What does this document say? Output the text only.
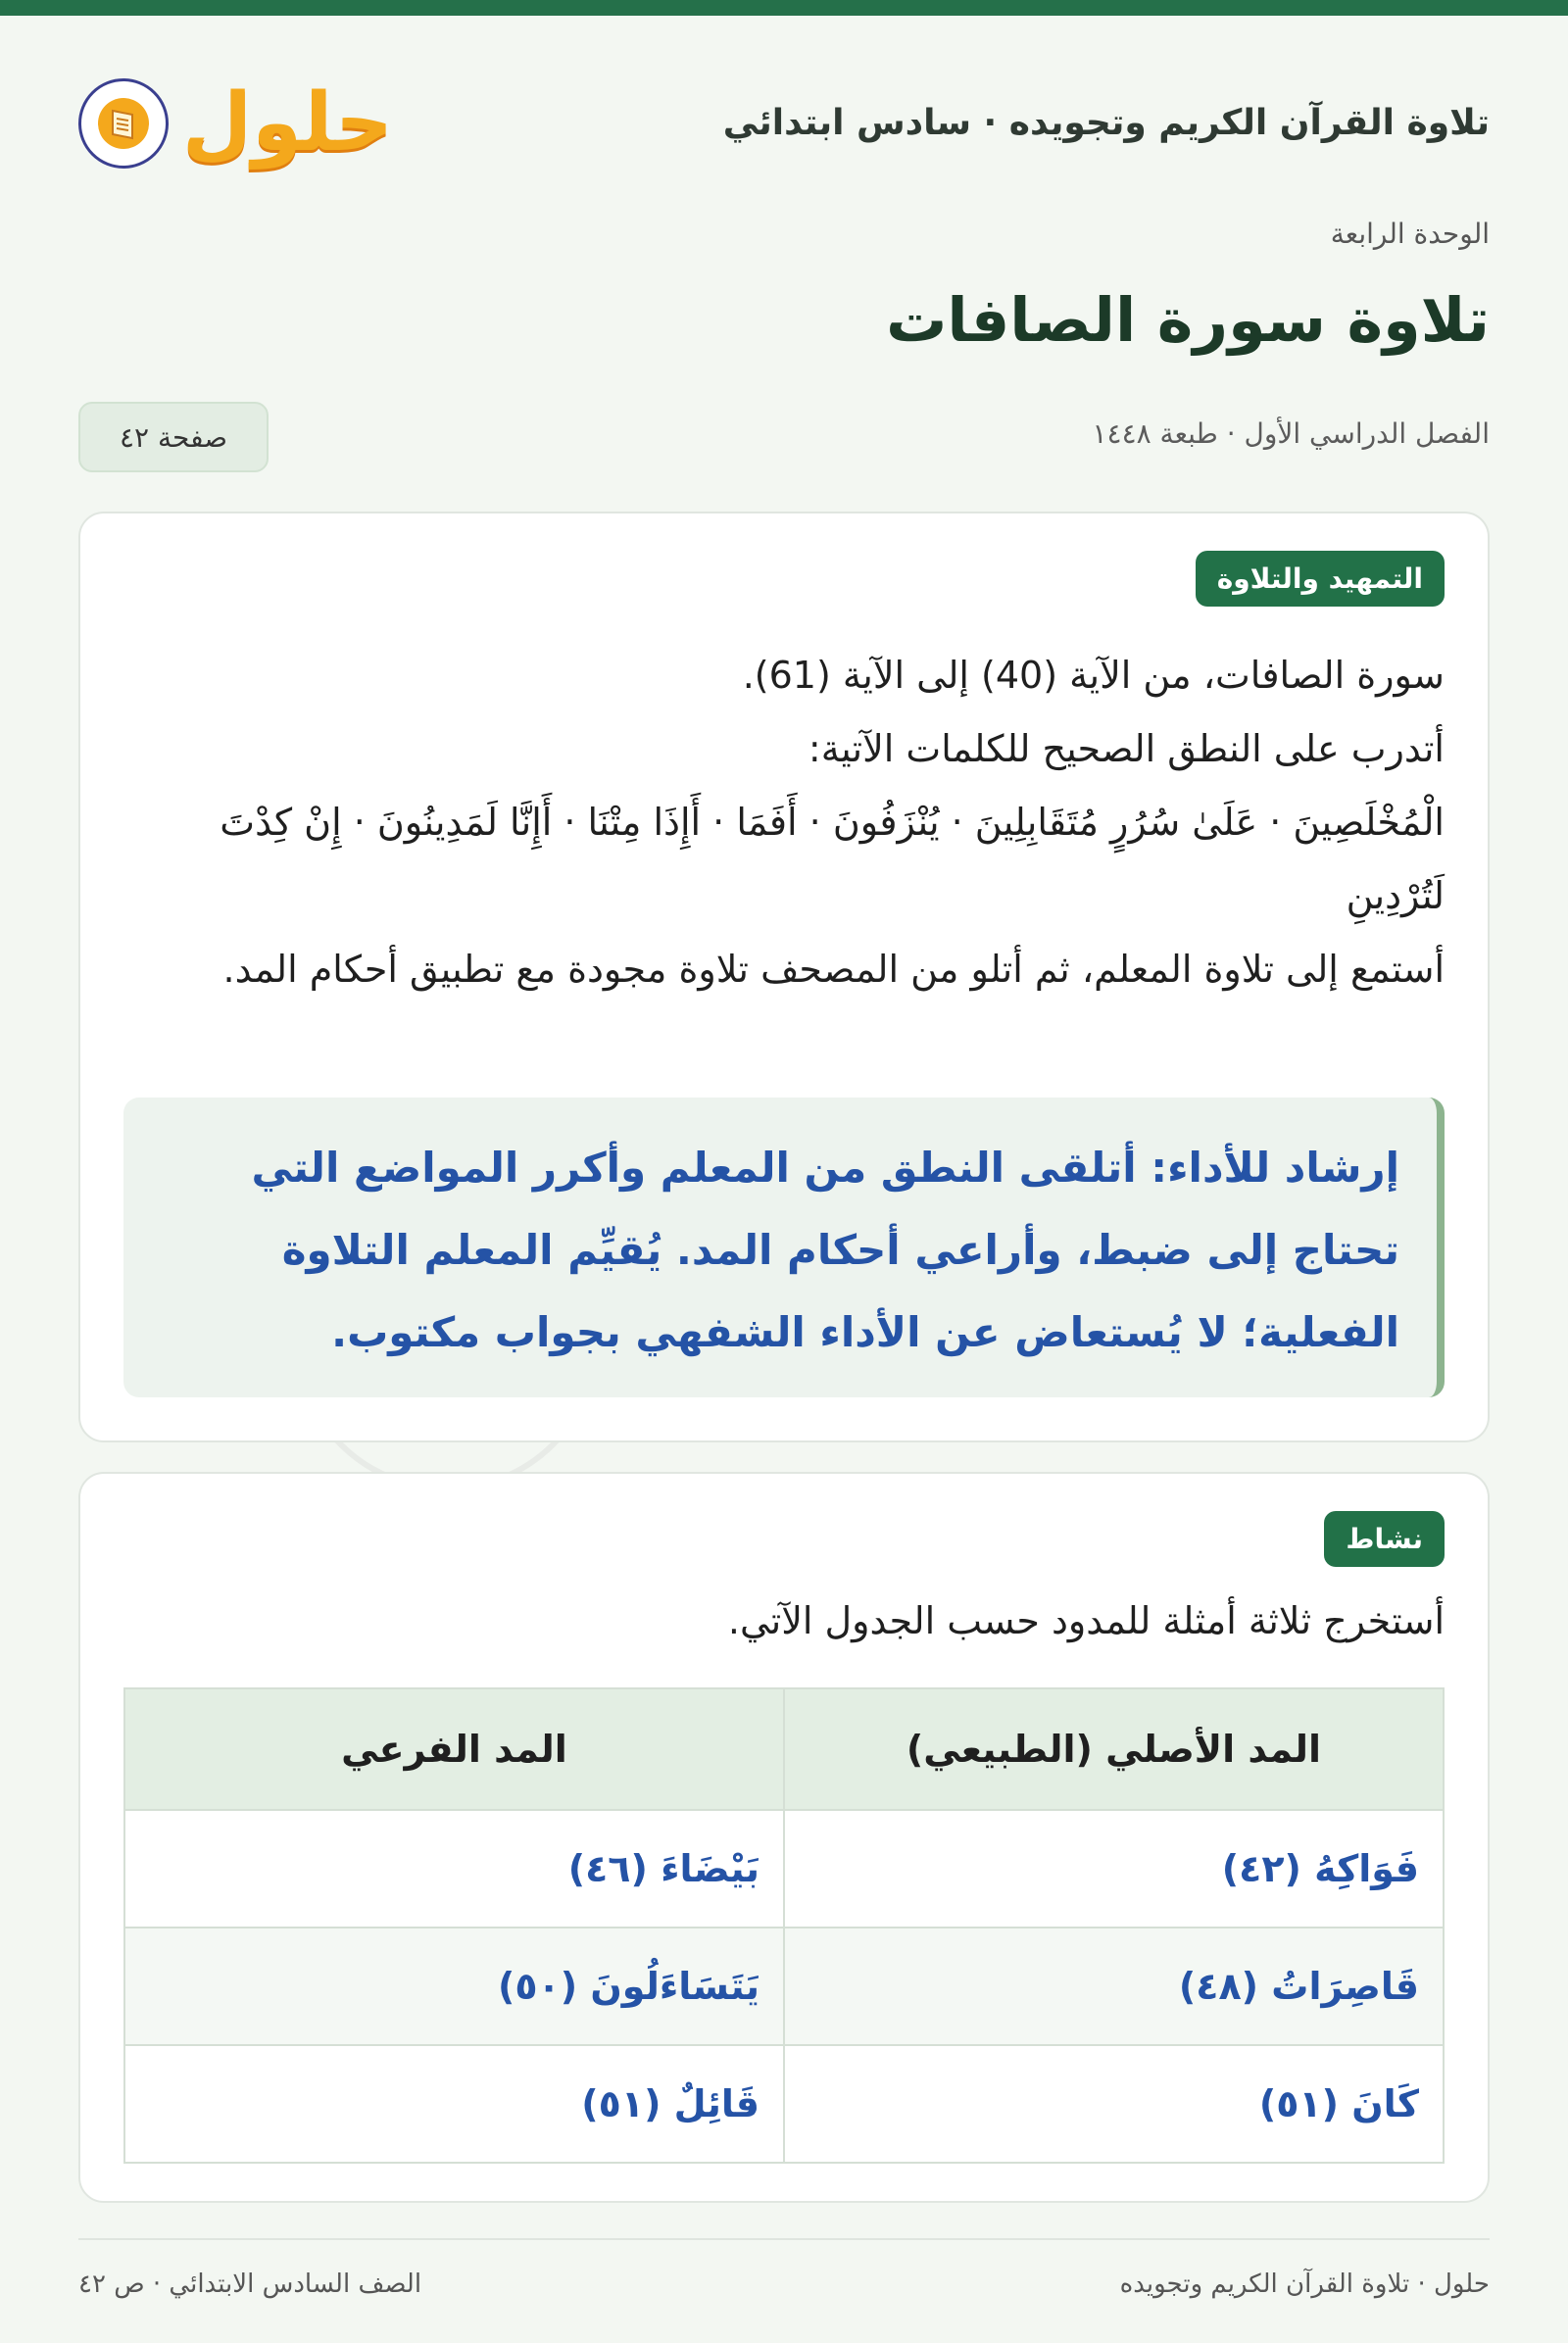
تلاوة القرآن الكريم وتجويده · سادس ابتدائي
حلول
الوحدة الرابعة
تلاوة سورة الصافات
الفصل الدراسي الأول · طبعة ١٤٤٨
صفحة ٤٢
التمهيد والتلاوة

سورة الصافات، من الآية (40) إلى الآية (61).

أتدرب على النطق الصحيح للكلمات الآتية:

الْمُخْلَصِينَ · عَلَىٰ سُرُرٍ مُتَقَابِلِينَ · يُنْزَفُونَ · أَفَمَا · أَإِذَا مِتْنَا · أَإِنَّا لَمَدِينُونَ · إِنْ كِدْتَ لَتُرْدِينِ

أستمع إلى تلاوة المعلم، ثم أتلو من المصحف تلاوة مجودة مع تطبيق أحكام المد.

إرشاد للأداء: أتلقى النطق من المعلم وأكرر المواضع التي تحتاج إلى ضبط، وأراعي أحكام المد. يُقيِّم المعلم التلاوة الفعلية؛ لا يُستعاض عن الأداء الشفهي بجواب مكتوب.
نشاط
أستخرج ثلاثة أمثلة للمدود حسب الجدول الآتي.
المد الأصلي (الطبيعي)	المد الفرعي
فَوَاكِهُ (٤٢)	بَيْضَاءَ (٤٦)
قَاصِرَاتُ (٤٨)	يَتَسَاءَلُونَ (٥٠)
كَانَ (٥١)	قَائِلٌ (٥١)
حلول · تلاوة القرآن الكريم وتجويده
الصف السادس الابتدائي · ص ٤٢
